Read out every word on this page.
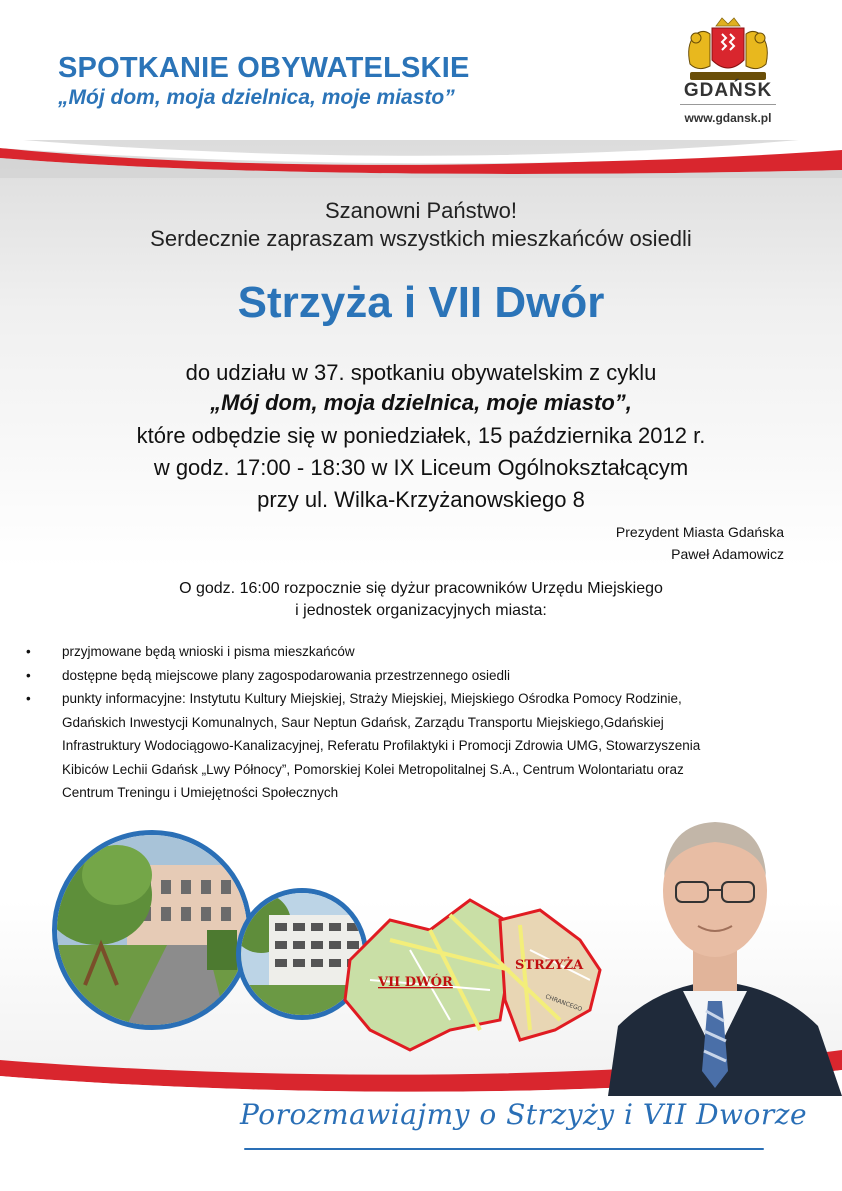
SPOTKANIE OBYWATELSKIE
„Mój dom, moja dzielnica, moje miasto”	GDAŃSK
www.gdansk.pl
Szanowni Państwo!
Serdecznie zapraszam wszystkich mieszkańców osiedli
Strzyża i VII Dwór
do udziału w 37. spotkaniu obywatelskim z cyklu
„Mój dom, moja dzielnica, moje miasto”,
które odbędzie się w poniedziałek, 15 października 2012 r.
w godz. 17:00 - 18:30 w IX Liceum Ogólnokształcącym
przy ul. Wilka-Krzyżanowskiego 8
Prezydent Miasta Gdańska
Paweł Adamowicz
O godz. 16:00 rozpocznie się dyżur pracowników Urzędu Miejskiego
i jednostek organizacyjnych miasta:
• przyjmowane będą wnioski i pisma mieszkańców
• dostępne będą miejscowe plany zagospodarowania przestrzennego osiedli
• punkty informacyjne: Instytutu Kultury Miejskiej, Straży Miejskiej, Miejskiego Ośrodka Pomocy Rodzinie,
Gdańskich Inwestycji Komunalnych, Saur Neptun Gdańsk, Zarządu Transportu Miejskiego,Gdańskiej
Infrastruktury Wodociągowo-Kanalizacyjnej, Referatu Profilaktyki i Promocji Zdrowia UMG, Stowarzyszenia
Kibiców Lechii Gdańsk „Lwy Północy”, Pomorskiej Kolei Metropolitalnej S.A., Centrum Wolontariatu oraz
Centrum Treningu i Umiejętności Społecznych
VII DWÓR
STRZYŻA
CHRANCEGO
Porozmawiajmy o Strzyży i VII Dworze
